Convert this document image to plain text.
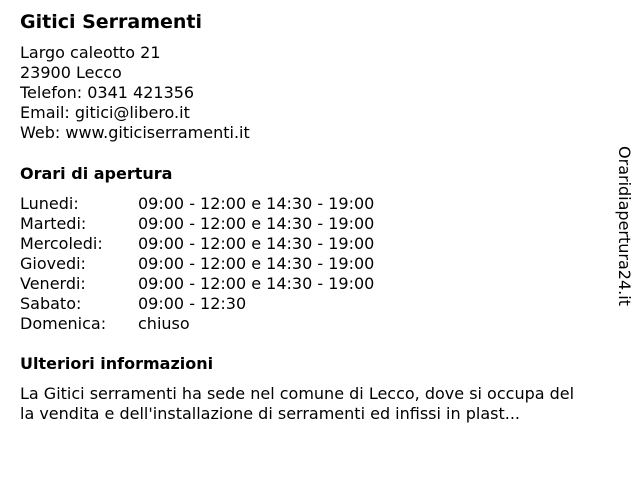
Gitici Serramenti
Largo caleotto 21
23900 Lecco
Telefon: 0341 421356
Email: gitici@libero.it
Web: www.giticiserramenti.it
Orari di apertura
Lunedi:	09:00 - 12:00 e 14:30 - 19:00
Martedi:	09:00 - 12:00 e 14:30 - 19:00
Mercoledi: 09:00 - 12:00 e 14:30 - 19:00
Giovedi:	09:00 - 12:00 e 14:30 - 19:00
Venerdi:	09:00 - 12:00 e 14:30 - 19:00
Sabato:	09:00 - 12:30
Domenica: chiuso
Ulteriori informazioni
La Gitici serramenti ha sede nel comune di Lecco, dove si occupa del
la vendita e dell'installazione di serramenti ed infissi in plast...
Oraridiapertura24.it
